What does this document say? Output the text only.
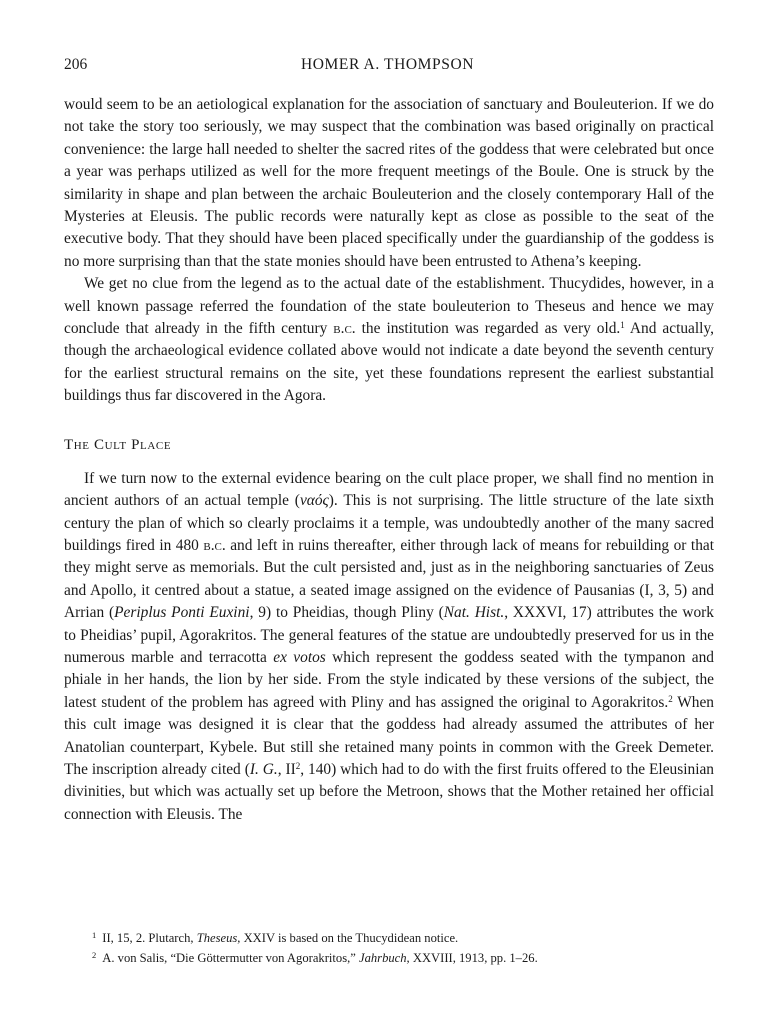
206	HOMER A. THOMPSON

would seem to be an aetiological explanation for the association of sanctuary and Bouleuterion. If we do not take the story too seriously, we may suspect that the combination was based originally on practical convenience: the large hall needed to shelter the sacred rites of the goddess that were celebrated but once a year was perhaps utilized as well for the more frequent meetings of the Boule. One is struck by the similarity in shape and plan between the archaic Bouleuterion and the closely contemporary Hall of the Mysteries at Eleusis. The public records were naturally kept as close as possible to the seat of the executive body. That they should have been placed specifically under the guardianship of the goddess is no more surprising than that the state monies should have been entrusted to Athena’s keeping.

We get no clue from the legend as to the actual date of the establishment. Thucydides, however, in a well known passage referred the foundation of the state bouleuterion to Theseus and hence we may conclude that already in the fifth century b.c. the institution was regarded as very old.$^1$ And actually, though the archaeological evidence collated above would not indicate a date beyond the seventh century for the earliest structural remains on the site, yet these foundations represent the earliest substantial buildings thus far discovered in the Agora.

The Cult Place

If we turn now to the external evidence bearing on the cult place proper, we shall find no mention in ancient authors of an actual temple (ναός). This is not surprising. The little structure of the late sixth century the plan of which so clearly proclaims it a temple, was undoubtedly another of the many sacred buildings fired in 480 b.c. and left in ruins thereafter, either through lack of means for rebuilding or that they might serve as memorials. But the cult persisted and, just as in the neighboring sanctuaries of Zeus and Apollo, it centred about a statue, a seated image assigned on the evidence of Pausanias (I, 3, 5) and Arrian (Periplus Ponti Euxini, 9) to Pheidias, though Pliny (Nat. Hist., XXXVI, 17) attributes the work to Pheidias’ pupil, Agorakritos. The general features of the statue are undoubtedly preserved for us in the numerous marble and terracotta ex votos which represent the goddess seated with the tympanon and phiale in her hands, the lion by her side. From the style indicated by these versions of the subject, the latest student of the problem has agreed with Pliny and has assigned the original to Agorakritos.$^2$ When this cult image was designed it is clear that the goddess had already assumed the attributes of her Anatolian counterpart, Kybele. But still she retained many points in common with the Greek Demeter. The inscription already cited (I. G., $II^2$, 140) which had to do with the first fruits offered to the Eleusinian divinities, but which was actually set up before the Metroon, shows that the Mother retained her official connection with Eleusis. The

$^1$ II, 15, 2. Plutarch, Theseus, XXIV is based on the Thucydidean notice.
$^2$ A. von Salis, “Die Göttermutter von Agorakritos,” Jahrbuch, XXVIII, 1913, pp. 1–26.
